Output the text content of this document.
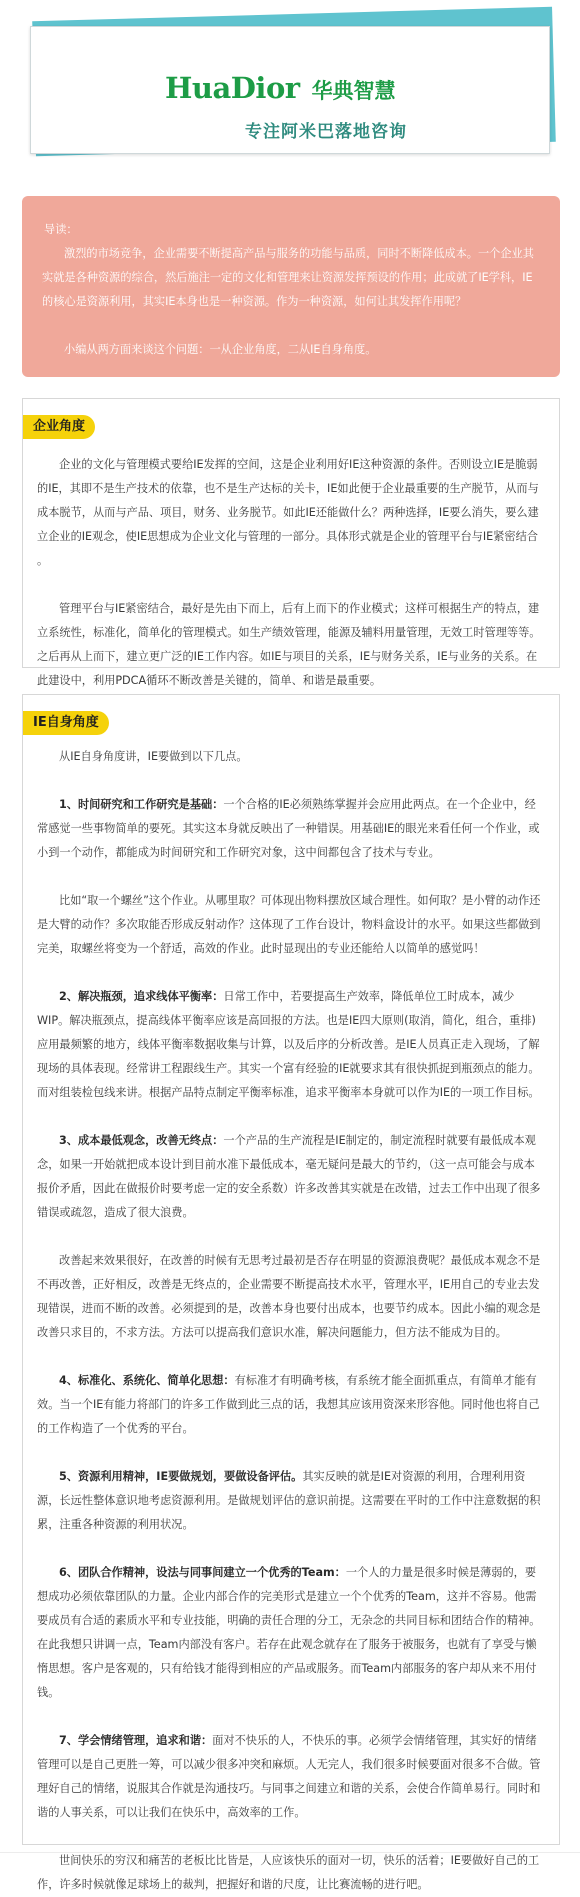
HuaDior 华典智慧
专注阿米巴落地咨询

导读：

激烈的市场竞争，企业需要不断提高产品与服务的功能与品质，同时不断降低成本。一个企业其实就是各种资源的综合，然后施注一定的文化和管理来让资源发挥预设的作用；此成就了IE学科，IE的核心是资源利用，其实IE本身也是一种资源。作为一种资源，如何让其发挥作用呢？

小编从两方面来谈这个问题：一从企业角度，二从IE自身角度。

企业角度

企业的文化与管理模式要给IE发挥的空间，这是企业利用好IE这种资源的条件。否则设立IE是脆弱的IE，其即不是生产技术的依靠，也不是生产达标的关卡，IE如此便于企业最重要的生产脱节，从而与成本脱节，从而与产品、项目，财务、业务脱节。如此IE还能做什么？两种选择，IE要么消失，要么建立企业的IE观念，使IE思想成为企业文化与管理的一部分。具体形式就是企业的管理平台与IE紧密结合 。

管理平台与IE紧密结合，最好是先由下而上，后有上而下的作业模式；这样可根据生产的特点，建立系统性，标准化，简单化的管理模式。如生产绩效管理，能源及辅料用量管理，无效工时管理等等。之后再从上而下，建立更广泛的IE工作内容。如IE与项目的关系，IE与财务关系，IE与业务的关系。在此建设中，利用PDCA循环不断改善是关键的，简单、和谐是最重要。

IE自身角度

从IE自身角度讲，IE要做到以下几点。

1、时间研究和工作研究是基础：一个合格的IE必须熟练掌握并会应用此两点。在一个企业中，经常感觉一些事物简单的要死。其实这本身就反映出了一种错误。用基础IE的眼光来看任何一个作业，或小到一个动作，都能成为时间研究和工作研究对象，这中间都包含了技术与专业。

比如“取一个螺丝”这个作业。从哪里取？可体现出物料摆放区域合理性。如何取？是小臂的动作还是大臂的动作？多次取能否形成反射动作？这体现了工作台设计，物料盒设计的水平。如果这些都做到完美，取螺丝将变为一个舒适，高效的作业。此时显现出的专业还能给人以简单的感觉吗！

2、解决瓶颈，追求线体平衡率：日常工作中，若要提高生产效率，降低单位工时成本，减少WIP。解决瓶颈点，提高线体平衡率应该是高回报的方法。也是IE四大原则(取消，简化，组合，重排)应用最频繁的地方，线体平衡率数据收集与计算，以及后序的分析改善。是IE人员真正走入现场，了解现场的具体表现。经常讲工程跟线生产。其实一个富有经验的IE就要求其有很快抓捉到瓶颈点的能力。而对组装检包线来讲。根据产品特点制定平衡率标准，追求平衡率本身就可以作为IE的一项工作目标。

3、成本最低观念，改善无终点：一个产品的生产流程是IE制定的，制定流程时就要有最低成本观念，如果一开始就把成本设计到目前水准下最低成本，毫无疑问是最大的节约，（这一点可能会与成本报价矛盾，因此在做报价时要考虑一定的安全系数）许多改善其实就是在改错，过去工作中出现了很多错误或疏忽，造成了很大浪费。

改善起来效果很好，在改善的时候有无思考过最初是否存在明显的资源浪费呢？最低成本观念不是不再改善，正好相反，改善是无终点的，企业需要不断提高技术水平，管理水平，IE用自己的专业去发现错误，进而不断的改善。必须提到的是，改善本身也要付出成本，也要节约成本。因此小编的观念是改善只求目的，不求方法。方法可以提高我们意识水准，解决问题能力，但方法不能成为目的。

4、标准化、系统化、简单化思想：有标准才有明确考核，有系统才能全面抓重点，有简单才能有效。当一个IE有能力将部门的许多工作做到此三点的话，我想其应该用资深来形容他。同时他也将自己的工作构造了一个优秀的平台。

5、资源利用精神，IE要做规划，要做设备评估。其实反映的就是IE对资源的利用，合理利用资源，长远性整体意识地考虑资源利用。是做规划评估的意识前提。这需要在平时的工作中注意数据的积累，注重各种资源的利用状况。

6、团队合作精神，设法与同事间建立一个优秀的Team：一个人的力量是很多时候是薄弱的，要想成功必须依靠团队的力量。企业内部合作的完美形式是建立一个个优秀的Team，这并不容易。他需要成员有合适的素质水平和专业技能，明确的责任合理的分工，无杂念的共同目标和团结合作的精神。在此我想只讲调一点，Team内部没有客户。若存在此观念就存在了服务于被服务，也就有了享受与懒惰思想。客户是客观的，只有给钱才能得到相应的产品或服务。而Team内部服务的客户却从来不用付钱。

7、学会情绪管理，追求和谐：面对不快乐的人，不快乐的事。必须学会情绪管理，其实好的情绪管理可以是自己更胜一筹，可以减少很多冲突和麻烦。人无完人，我们很多时候要面对很多不合做。管理好自己的情绪，说服其合作就是沟通技巧。与同事之间建立和谐的关系，会使合作简单易行。同时和谐的人事关系，可以让我们在快乐中，高效率的工作。

世间快乐的穷汉和痛苦的老板比比皆是，人应该快乐的面对一切，快乐的活着；IE要做好自己的工作，许多时候就像足球场上的裁判，把握好和谐的尺度，让比赛流畅的进行吧。
